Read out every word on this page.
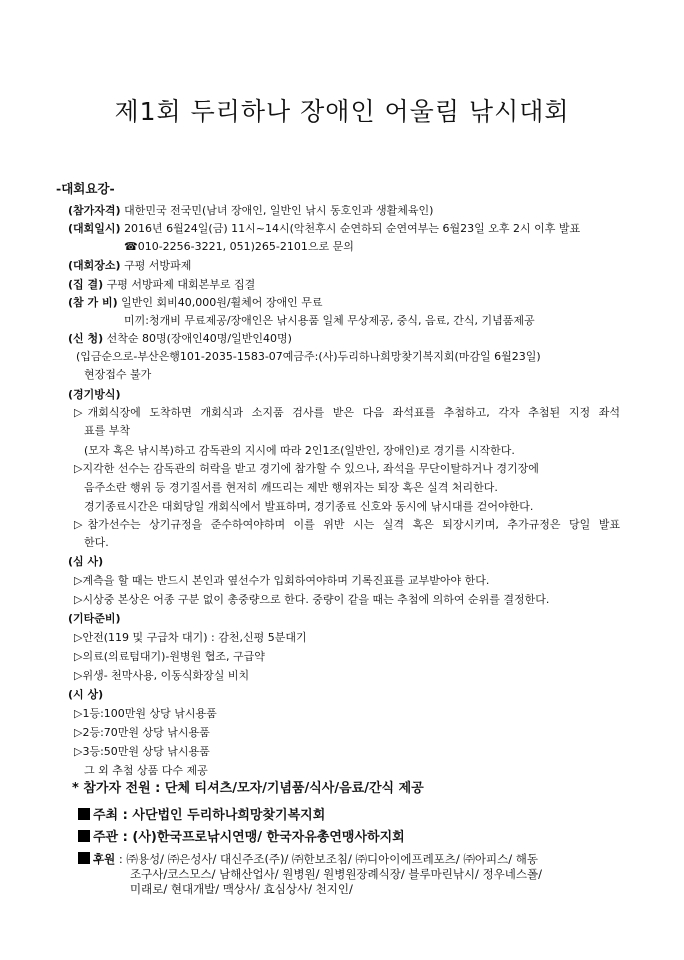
제1회 두리하나 장애인 어울림 낚시대회
-대회요강-
(참가자격) 대한민국 전국민(남녀 장애인, 일반인 낚시 동호인과 생활체육인)
(대회일시) 2016년 6월24일(금) 11시~14시(악천후시 순연하되 순연여부는 6월23일 오후 2시 이후 발표
☎010-2256-3221, 051)265-2101으로 문의
(대회장소) 구평 서방파제
(집 결) 구평 서방파제 대회본부로 집결
(참 가 비) 일반인 회비40,000원/휠체어 장애인 무료
미끼:청개비 무료제공/장애인은 낚시용품 일체 무상제공, 중식, 음료, 간식, 기념품제공
(신 청) 선착순 80명(장애인40명/일반인40명)
(입금순으로-부산은행101-2035-1583-07예금주:(사)두리하나희망찾기복지회(마감일 6월23일)
현장접수 불가
(경기방식)
▷개회식장에 도착하면 개회식과 소지품 검사를 받은 다음 좌석표를 추첨하고, 각자 추첨된 지정 좌석
표를 부착
(모자 혹은 낚시복)하고 감독관의 지시에 따라 2인1조(일반인, 장애인)로 경기를 시작한다.
▷지각한 선수는 감독관의 허락을 받고 경기에 참가할 수 있으나, 좌석을 무단이탈하거나 경기장에
음주소란 행위 등 경기질서를 현저히 깨뜨리는 제반 행위자는 퇴장 혹은 실격 처리한다.
경기종료시간은 대회당일 개회식에서 발표하며, 경기종료 신호와 동시에 낚시대를 걷어야한다.
▷참가선수는 상기규정을 준수하여야하며 이를 위반 시는 실격 혹은 퇴장시키며, 추가규정은 당일 발표
한다.
(심 사)
▷계측을 할 때는 반드시 본인과 옆선수가 입회하여야하며 기록진표를 교부받아야 한다.
▷시상중 본상은 어종 구분 없이 총중량으로 한다. 중량이 같을 때는 추첨에 의하여 순위를 결정한다.
(기타준비)
▷안전(119 및 구급차 대기) : 감천,신평 5분대기
▷의료(의료텀대기)-원병원 협조, 구급약
▷위생- 천막사용, 이동식화장실 비치
(시 상)
▷1등:100만원 상당 낚시용품
▷2등:70만원 상당 낚시용품
▷3등:50만원 상당 낚시용품
그 외 추첨 상품 다수 제공
* 참가자 전원 : 단체 티셔츠/모자/기념품/식사/음료/간식 제공
주최 : 사단법인 두리하나희망찾기복지회
주관 : (사)한국프로낚시연맹/ 한국자유총연맹사하지회
후원 : ㈜용성/ ㈜은성사/ 대신주조(주)/ ㈜한보조침/ ㈜디아이에프레포츠/ ㈜아피스/ 해동
조구사/코스모스/ 남해산업사/ 원병원/ 원병원장례식장/ 블루마린낚시/ 정우네스폴/
미래로/ 현대개발/ 맥상사/ 효심상사/ 천지인/
